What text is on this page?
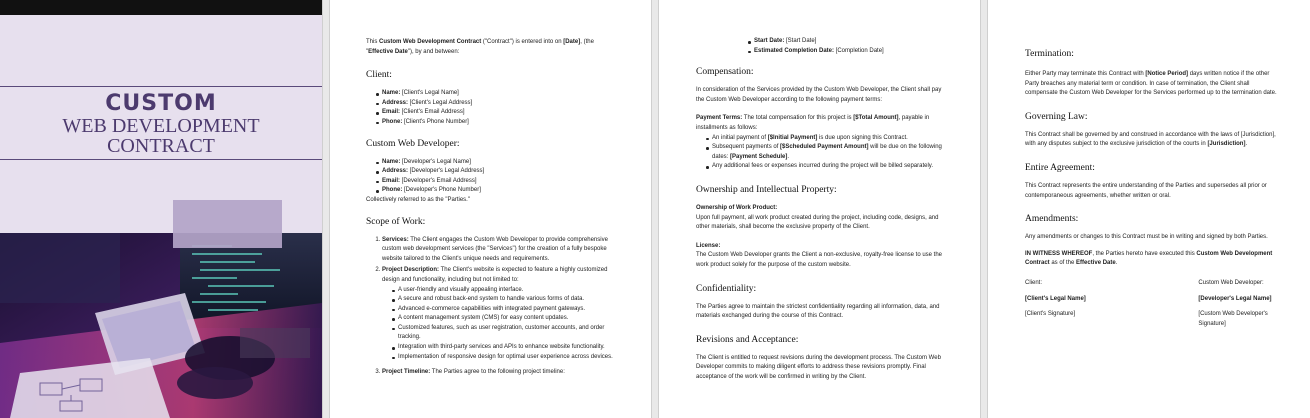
CUSTOM
WEB DEVELOPMENT
CONTRACT

This Custom Web Development Contract ("Contract") is entered into on [Date], (the "Effective Date"), by and between:

Client:
Name: [Client's Legal Name]
Address: [Client's Legal Address]
Email: [Client's Email Address]
Phone: [Client's Phone Number]
Custom Web Developer:
Name: [Developer's Legal Name]
Address: [Developer's Legal Address]
Email: [Developer's Email Address]
Phone: [Developer's Phone Number]

Collectively referred to as the "Parties."

Scope of Work:
1. Services: The Client engages the Custom Web Developer to provide comprehensive custom web development services (the "Services") for the creation of a fully bespoke website tailored to the Client's unique needs and requirements.
2. Project Description: The Client's website is expected to feature a highly customized design and functionality, including but not limited to:
A user-friendly and visually appealing interface.
A secure and robust back-end system to handle various forms of data.
Advanced e-commerce capabilities with integrated payment gateways.
A content management system (CMS) for easy content updates.
Customized features, such as user registration, customer accounts, and order tracking.
Integration with third-party services and APIs to enhance website functionality.
Implementation of responsive design for optimal user experience across devices.
3. Project Timeline: The Parties agree to the following project timeline:
Start Date: [Start Date]
Estimated Completion Date: [Completion Date]
Compensation:

In consideration of the Services provided by the Custom Web Developer, the Client shall pay the Custom Web Developer according to the following payment terms:

Payment Terms: The total compensation for this project is [$Total Amount], payable in installments as follows:

An initial payment of [$Initial Payment] is due upon signing this Contract.
Subsequent payments of [$Scheduled Payment Amount] will be due on the following dates: [Payment Schedule].
Any additional fees or expenses incurred during the project will be billed separately.
Ownership and Intellectual Property:

Ownership of Work Product:

Upon full payment, all work product created during the project, including code, designs, and other materials, shall become the exclusive property of the Client.

License:

The Custom Web Developer grants the Client a non-exclusive, royalty-free license to use the work product solely for the purpose of the custom website.

Confidentiality:

The Parties agree to maintain the strictest confidentiality regarding all information, data, and materials exchanged during the course of this Contract.

Revisions and Acceptance:

The Client is entitled to request revisions during the development process. The Custom Web Developer commits to making diligent efforts to address these revisions promptly. Final acceptance of the work will be confirmed in writing by the Client.

Termination:

Either Party may terminate this Contract with [Notice Period] days written notice if the other Party breaches any material term or condition. In case of termination, the Client shall compensate the Custom Web Developer for the Services performed up to the termination date.

Governing Law:

This Contract shall be governed by and construed in accordance with the laws of [Jurisdiction], with any disputes subject to the exclusive jurisdiction of the courts in [Jurisdiction].

Entire Agreement:

This Contract represents the entire understanding of the Parties and supersedes all prior or contemporaneous agreements, whether written or oral.

Amendments:

Any amendments or changes to this Contract must be in writing and signed by both Parties.

IN WITNESS WHEREOF, the Parties hereto have executed this Custom Web Development Contract as of the Effective Date.

Client:	Custom Web Developer:
[Client's Legal Name]	[Developer's Legal Name]
[Client's Signature]	[Custom Web Developer's Signature]
